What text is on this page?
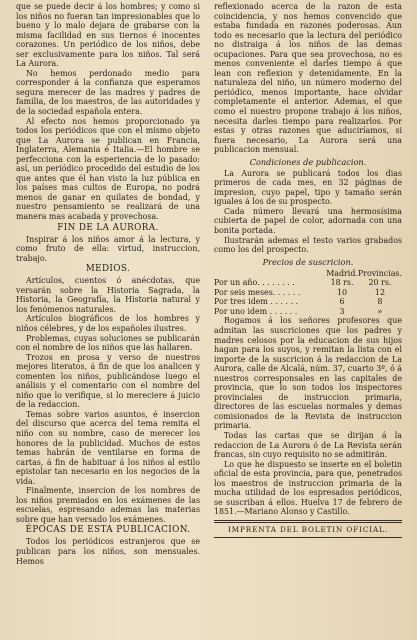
que se puede decir á los hombres; y como si los niños no fueran tan impresionables que lo bueno y lo malo dejara de grabarse con la misma facilidad en sus tiernos é inocentes corazones. Un periódico de los niños, debe ser exclusivamente para los niños. Tal será La Aurora.

No hemos perdonado medio para corresponder á la confianza que esperamos segura merecer de las madres y padres de familia, de los maestros, de las autoridades y de la sociedad española entera.

Al efecto nos hemos proporcionado ya todos los periódicos que con el mismo objeto que La Aurora se publican en Francia, Inglaterra, Alemania é Italia.—El hombre se perfecciona con la esperiencia de lo pasado: así, un periódico procedido del estudio de los que antes que él han visto la luz pública en los países mas cultos de Europa, no podrá menos de ganar en quilates de bondad, y nuestro pensamiento se realizará de una manera mas acabada y provechosa.

FIN DE LA AURORA.

Inspirar á los niños amor á la lectura, y como fruto de ella: virtud, instruccion, trabajo.

MEDIOS.

Artículos, cuentos ó anécdotas, que versarán sobre la Historia Sagrada, la Historia, la Geografía, la Historia natural y los fenómenos naturales.

Artículos biográficos de los hombres y niños célebres, y de los españoles ilustres.

Problemas, cuyas soluciones se publicarán con el nombre de los niños que las hallaren.

Trozos en prosa y verso de nuestros mejores literatos, á fin de que los analicen y comenten los niños, publicándose luego el análisis y el comentario con el nombre del niño que lo verifique, si lo mereciere á juicio de la redaccion.

Temas sobre varios asuntos, é insercion del discurso que acerca del tema remita el niño con su nombre, caso de merecer los honores de la publicidad. Muchos de estos temas habrán de ventilarse en forma de cartas, á fin de habituar á los niños al estilo epistolar tan necesario en los negocios de la vida.

Finalmente, insercion de los nombres de los niños premiados en los exámenes de las escuelas, espresando ademas las materias sobre que han versado los exámenes.

ÉPOCAS DE ESTA PUBLICACION.

Todos los periódicos estranjeros que se publican para los niños, son mensuales. Hemos

reflexionado acerca de la razon de esta coincidencia, y nos hemos convencido que estaba fundada en razones poderosas. Aun todo es necesario que la lectura del periódico no distraiga á los niños de las demas ocupaciones. Para que sea provechosa, no es menos conveniente el darles tiempo á que lean con reflexion y detenidamente. En la naturaleza del niño, un número moderno del periódico, menos importante, hace olvidar completamente el anterior. Ademas, el que como el nuestro propone trabajo á los niños, necesita darles tiempo para realizarlos. Por estas y otras razones que aduciríamos, si fuera necesario, La Aurora será una publicacion mensual.

Condiciones de publicacion.

La Aurora se publicará todos los dias primeros de cada mes, en 32 páginas de impresion, cuyo papel, tipo y tamaño serán iguales á los de su prospecto.

Cada número llevará una hermosísima cubierta de papel de color, adornada con una bonita portada.

Ilustrarán ademas el testo varios grabados como los del prospecto.

Precios de suscricion.
	Madrid.	Provincias.
Por un año. . . . . . . .	18 rs.	20 rs.
Por seis meses. . . . . .	10	12
Por tres idem . . . . . .	6	8
Por uno idem . . . . . .	3	»

Rogamos á los señores profesores que admitan las suscriciones que los padres y madres celosos por la educacion de sus hijos hagan para los suyos, y remitan la lista con el importe de la suscricion á la redaccion de La Aurora, calle de Alcalá, núm. 37, cuarto 3º, ó á nuestros corresponsales en las capitales de provincia, que lo son todos los inspectores provinciales de instruccion primaria, directores de las escuelas normales y demas comisionados de la Revista de instruccion primaria.

Todas las cartas que se dirijan á la redaccion de La Aurora ó de La Revista serán francas, sin cuyo requisito no se admitirán.

Lo que he dispuesto se inserte en el boletin oficial de esta provincia, para que, penetrados los maestros de instruccion primaria de la mucha utilidad de los espresados periódicos, se suscriban á ellos. Huelva 17 de febrero de 1851.—Mariano Alonso y Castillo.

IMPRENTA DEL BOLETIN OFICIAL.
